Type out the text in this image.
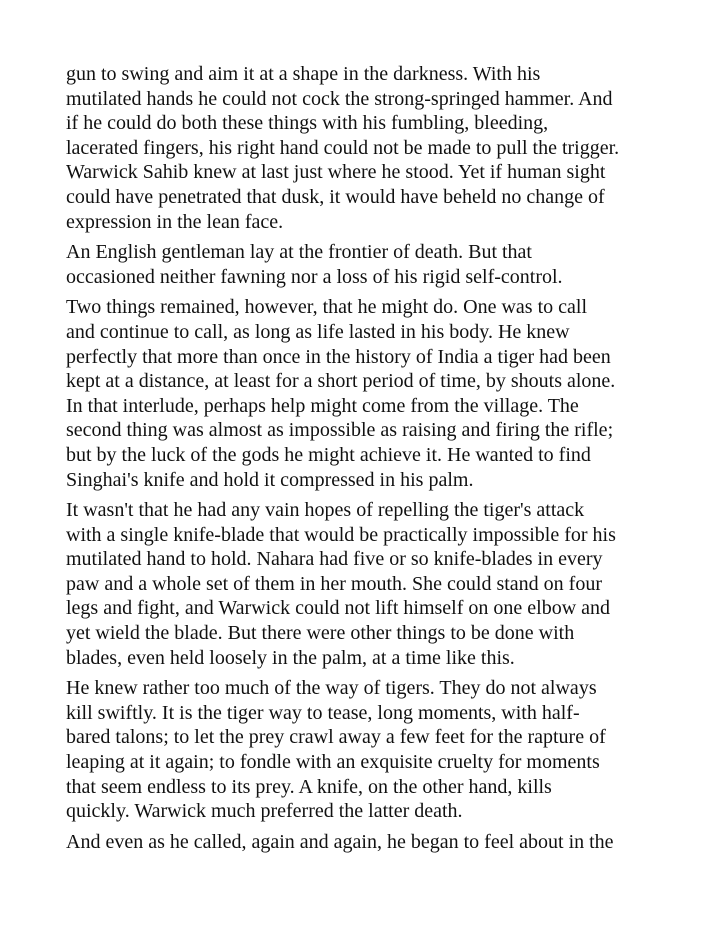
gun to swing and aim it at a shape in the darkness. With his
mutilated hands he could not cock the strong-springed hammer. And
if he could do both these things with his fumbling, bleeding,
lacerated fingers, his right hand could not be made to pull the trigger.
Warwick Sahib knew at last just where he stood. Yet if human sight
could have penetrated that dusk, it would have beheld no change of
expression in the lean face.

An English gentleman lay at the frontier of death. But that
occasioned neither fawning nor a loss of his rigid self-control.

Two things remained, however, that he might do. One was to call
and continue to call, as long as life lasted in his body. He knew
perfectly that more than once in the history of India a tiger had been
kept at a distance, at least for a short period of time, by shouts alone.
In that interlude, perhaps help might come from the village. The
second thing was almost as impossible as raising and firing the rifle;
but by the luck of the gods he might achieve it. He wanted to find
Singhai's knife and hold it compressed in his palm.

It wasn't that he had any vain hopes of repelling the tiger's attack
with a single knife-blade that would be practically impossible for his
mutilated hand to hold. Nahara had five or so knife-blades in every
paw and a whole set of them in her mouth. She could stand on four
legs and fight, and Warwick could not lift himself on one elbow and
yet wield the blade. But there were other things to be done with
blades, even held loosely in the palm, at a time like this.

He knew rather too much of the way of tigers. They do not always
kill swiftly. It is the tiger way to tease, long moments, with half-
bared talons; to let the prey crawl away a few feet for the rapture of
leaping at it again; to fondle with an exquisite cruelty for moments
that seem endless to its prey. A knife, on the other hand, kills
quickly. Warwick much preferred the latter death.

And even as he called, again and again, he began to feel about in the
